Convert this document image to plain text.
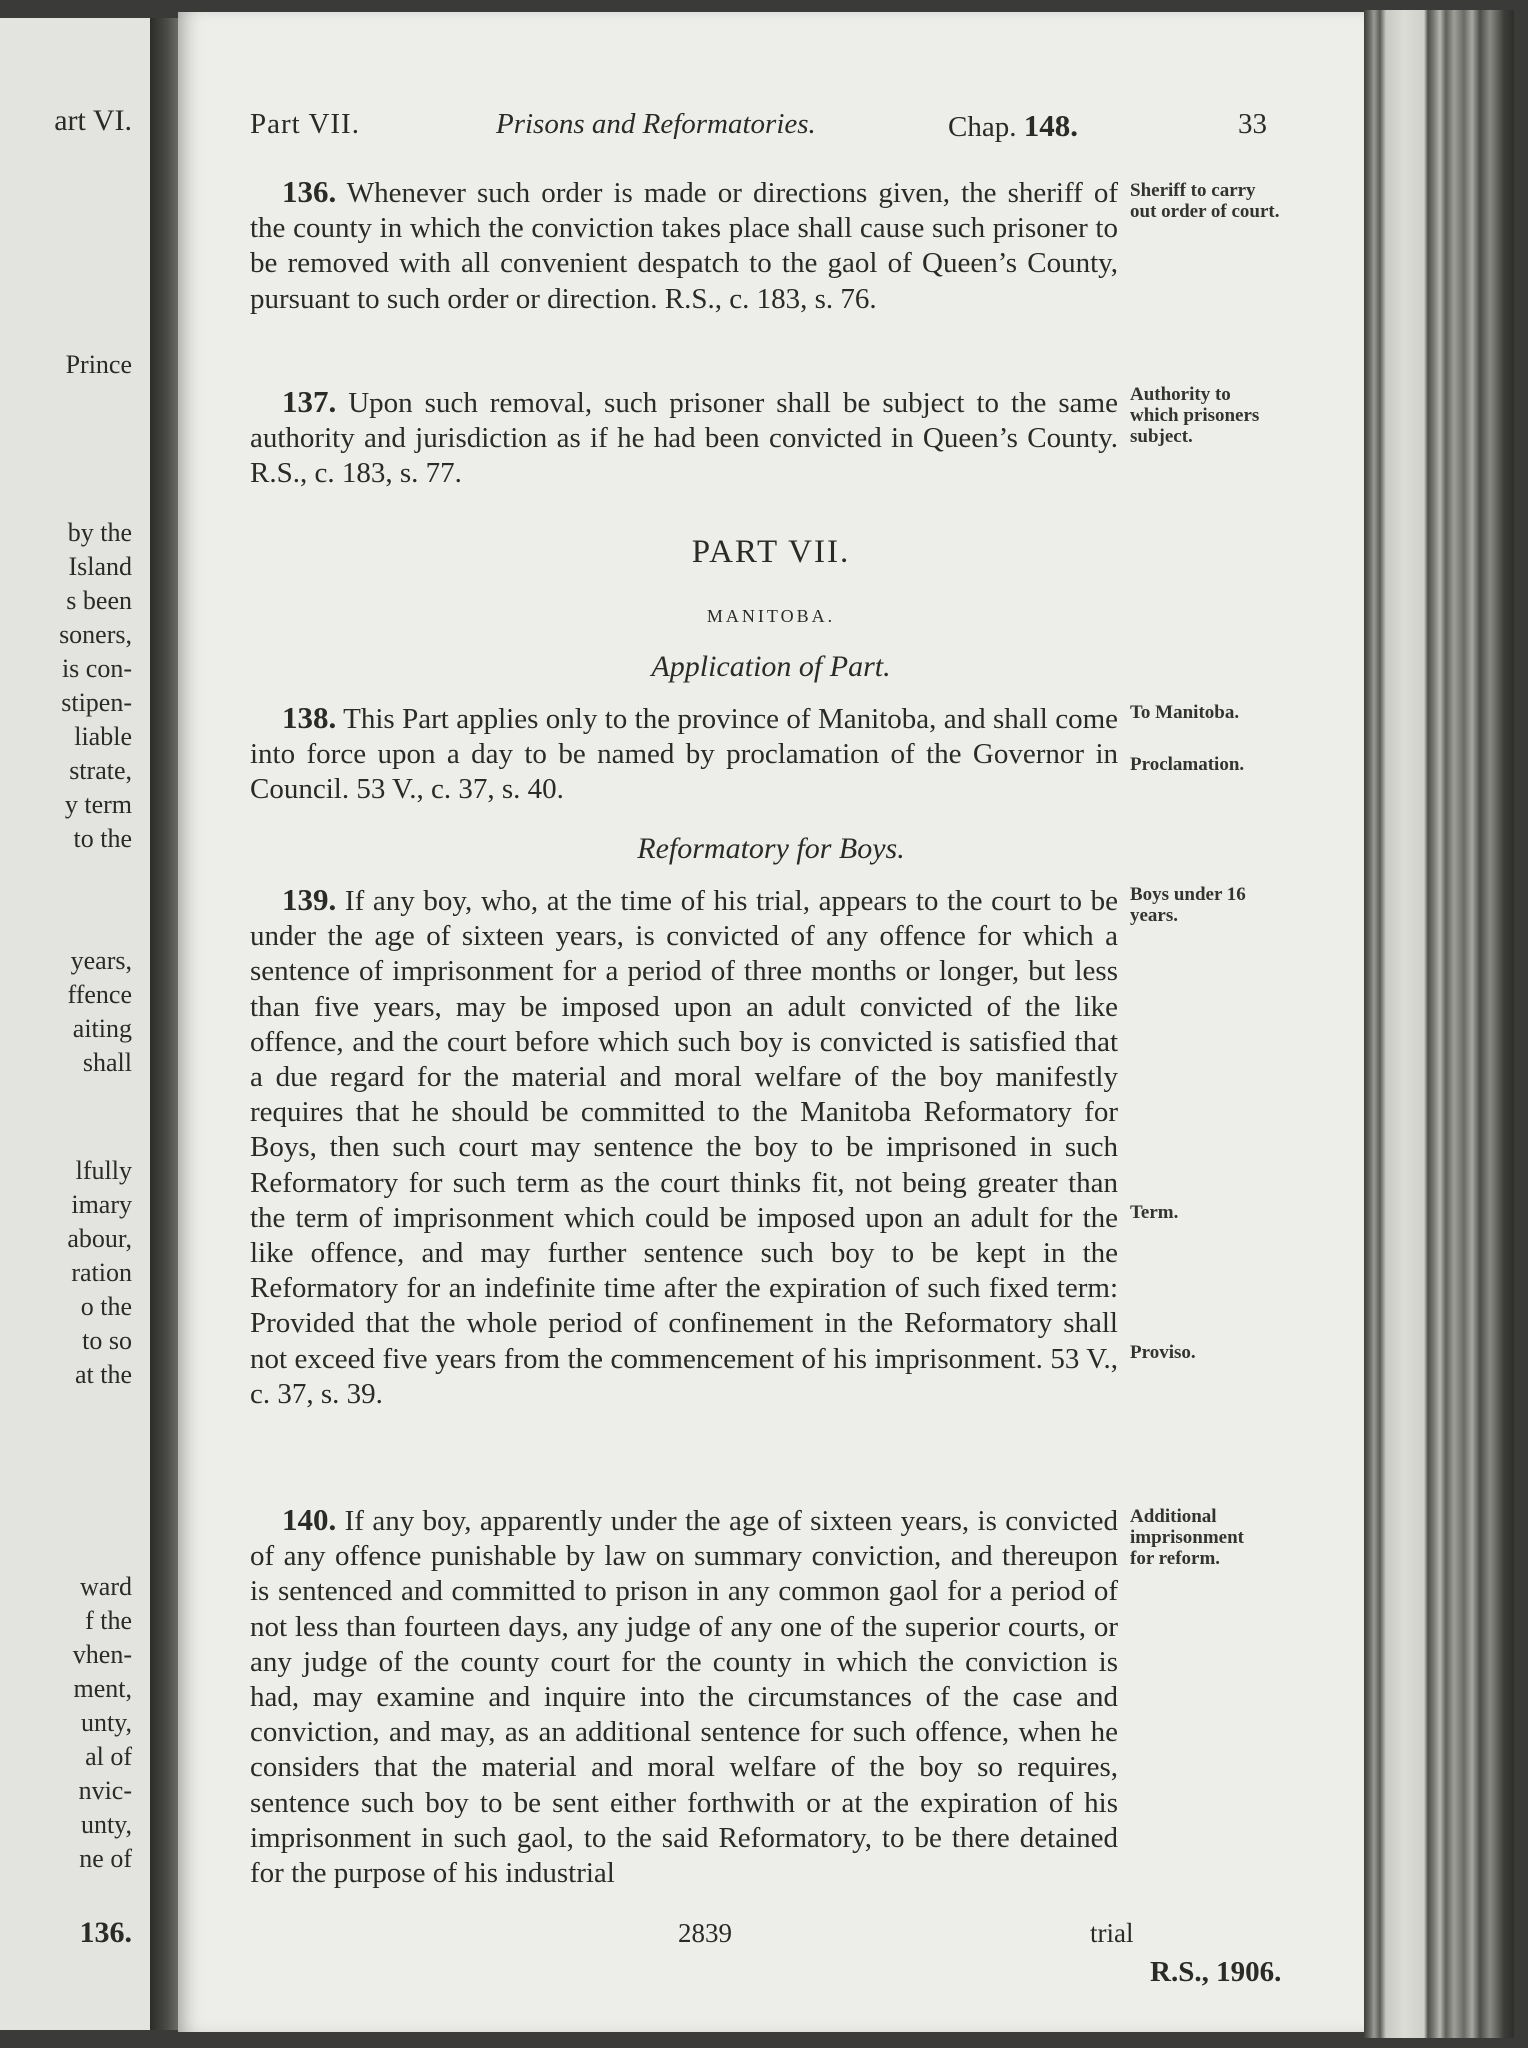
art VI.
Prince
by the
Island
s been
soners,
is con-
stipen-
liable
strate,
y term
to the
years,
ffence
aiting
shall
lfully
imary
abour,
ration
o the
to so
at the
ward
f the
vhen-
ment,
unty,
al of
nvic-
unty,
ne of
136.
Part VII.	Prisons and Reformatories.	Chap. 148.	33
136. Whenever such order is made or directions given, the sheriff of the county in which the conviction takes place shall cause such prisoner to be removed with all convenient despatch to the gaol of Queen’s County, pursuant to such order or direction. R.S., c. 183, s. 76.
Sheriff to carry out order of court.
137. Upon such removal, such prisoner shall be subject to the same authority and jurisdiction as if he had been convicted in Queen’s County. R.S., c. 183, s. 77.
Authority to which prisoners subject.
PART VII.
MANITOBA.
Application of Part.
138. This Part applies only to the province of Manitoba, and shall come into force upon a day to be named by proclamation of the Governor in Council. 53 V., c. 37, s. 40.
To Manitoba.
Proclamation.
Reformatory for Boys.
139. If any boy, who, at the time of his trial, appears to the court to be under the age of sixteen years, is convicted of any offence for which a sentence of imprisonment for a period of three months or longer, but less than five years, may be imposed upon an adult convicted of the like offence, and the court before which such boy is convicted is satisfied that a due regard for the material and moral welfare of the boy manifestly requires that he should be committed to the Manitoba Reformatory for Boys, then such court may sentence the boy to be imprisoned in such Reformatory for such term as the court thinks fit, not being greater than the term of imprisonment which could be imposed upon an adult for the like offence, and may further sentence such boy to be kept in the Reformatory for an indefinite time after the expiration of such fixed term: Provided that the whole period of confinement in the Reformatory shall not exceed five years from the commencement of his imprisonment. 53 V., c. 37, s. 39.
Boys under 16 years.
Term.
Proviso.
140. If any boy, apparently under the age of sixteen years, is convicted of any offence punishable by law on summary conviction, and thereupon is sentenced and committed to prison in any common gaol for a period of not less than fourteen days, any judge of any one of the superior courts, or any judge of the county court for the county in which the conviction is had, may examine and inquire into the circumstances of the case and conviction, and may, as an additional sentence for such offence, when he considers that the material and moral welfare of the boy so requires, sentence such boy to be sent either forthwith or at the expiration of his imprisonment in such gaol, to the said Reformatory, to be there detained for the purpose of his industrial
Additional imprisonment for reform.
2839	trial
R.S., 1906.
